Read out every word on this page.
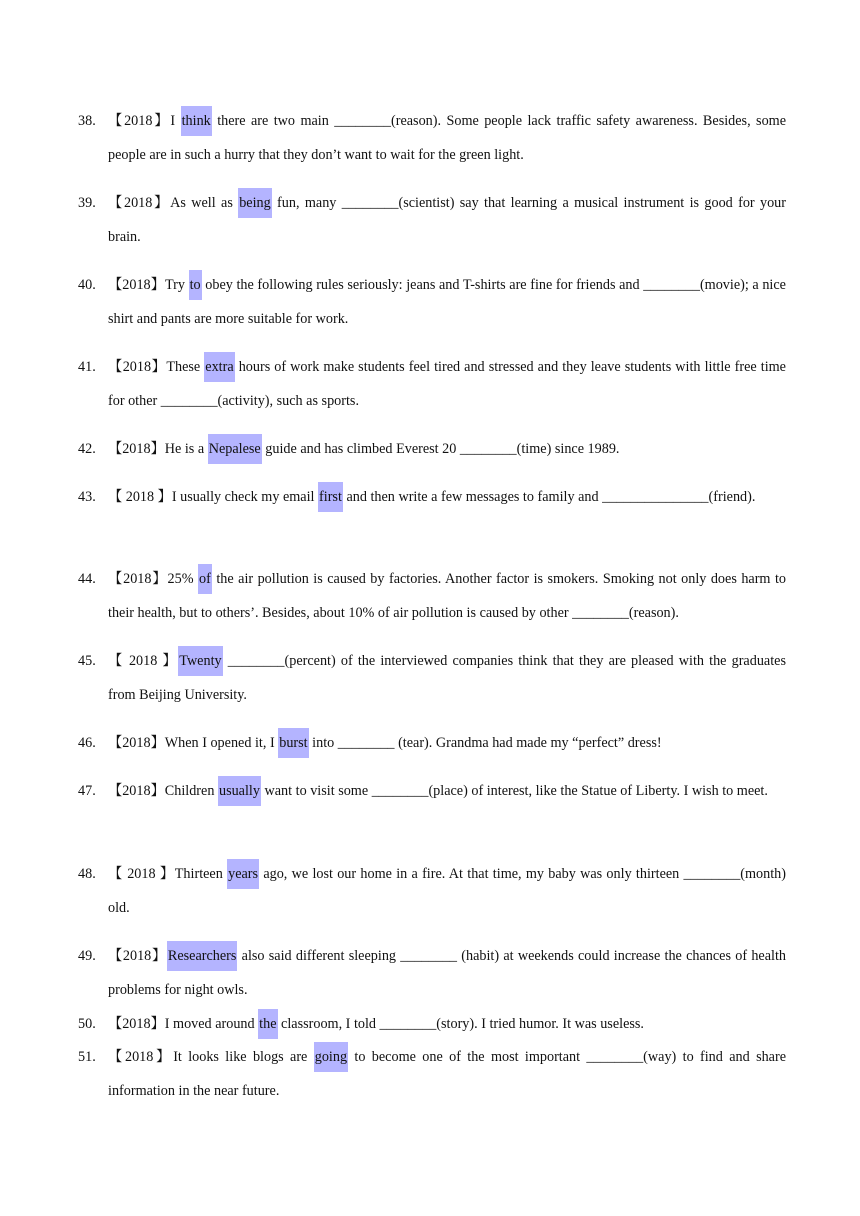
38. 【2018】I think there are two main ________(reason). Some people lack traffic safety awareness. Besides, some people are in such a hurry that they don’t want to wait for the green light.
39. 【2018】As well as being fun, many ________(scientist) say that learning a musical instrument is good for your brain.
40. 【2018】Try to obey the following rules seriously: jeans and T-shirts are fine for friends and ________(movie); a nice shirt and pants are more suitable for work.
41. 【2018】These extra hours of work make students feel tired and stressed and they leave students with little free time for other ________(activity), such as sports.
42. 【2018】He is a Nepalese guide and has climbed Everest 20 ________(time) since 1989.
43. 【 2018 】I usually check my email first and then write a few messages to family and _______________(friend).
44. 【2018】25% of the air pollution is caused by factories. Another factor is smokers. Smoking not only does harm to their health, but to others’. Besides, about 10% of air pollution is caused by other ________(reason).
45. 【 2018 】Twenty ________(percent) of the interviewed companies think that they are pleased with the graduates from Beijing University.
46. 【2018】When I opened it, I burst into ________ (tear). Grandma had made my “perfect” dress!
47. 【2018】Children usually want to visit some ________(place) of interest, like the Statue of Liberty. I wish to meet.
48. 【 2018 】Thirteen years ago, we lost our home in a fire. At that time, my baby was only thirteen ________(month) old.
49. 【2018】Researchers also said different sleeping ________ (habit) at weekends could increase the chances of health problems for night owls.
50. 【2018】I moved around the classroom, I told ________(story). I tried humor. It was useless.
51. 【2018】It looks like blogs are going to become one of the most important ________(way) to find and share information in the near future.
